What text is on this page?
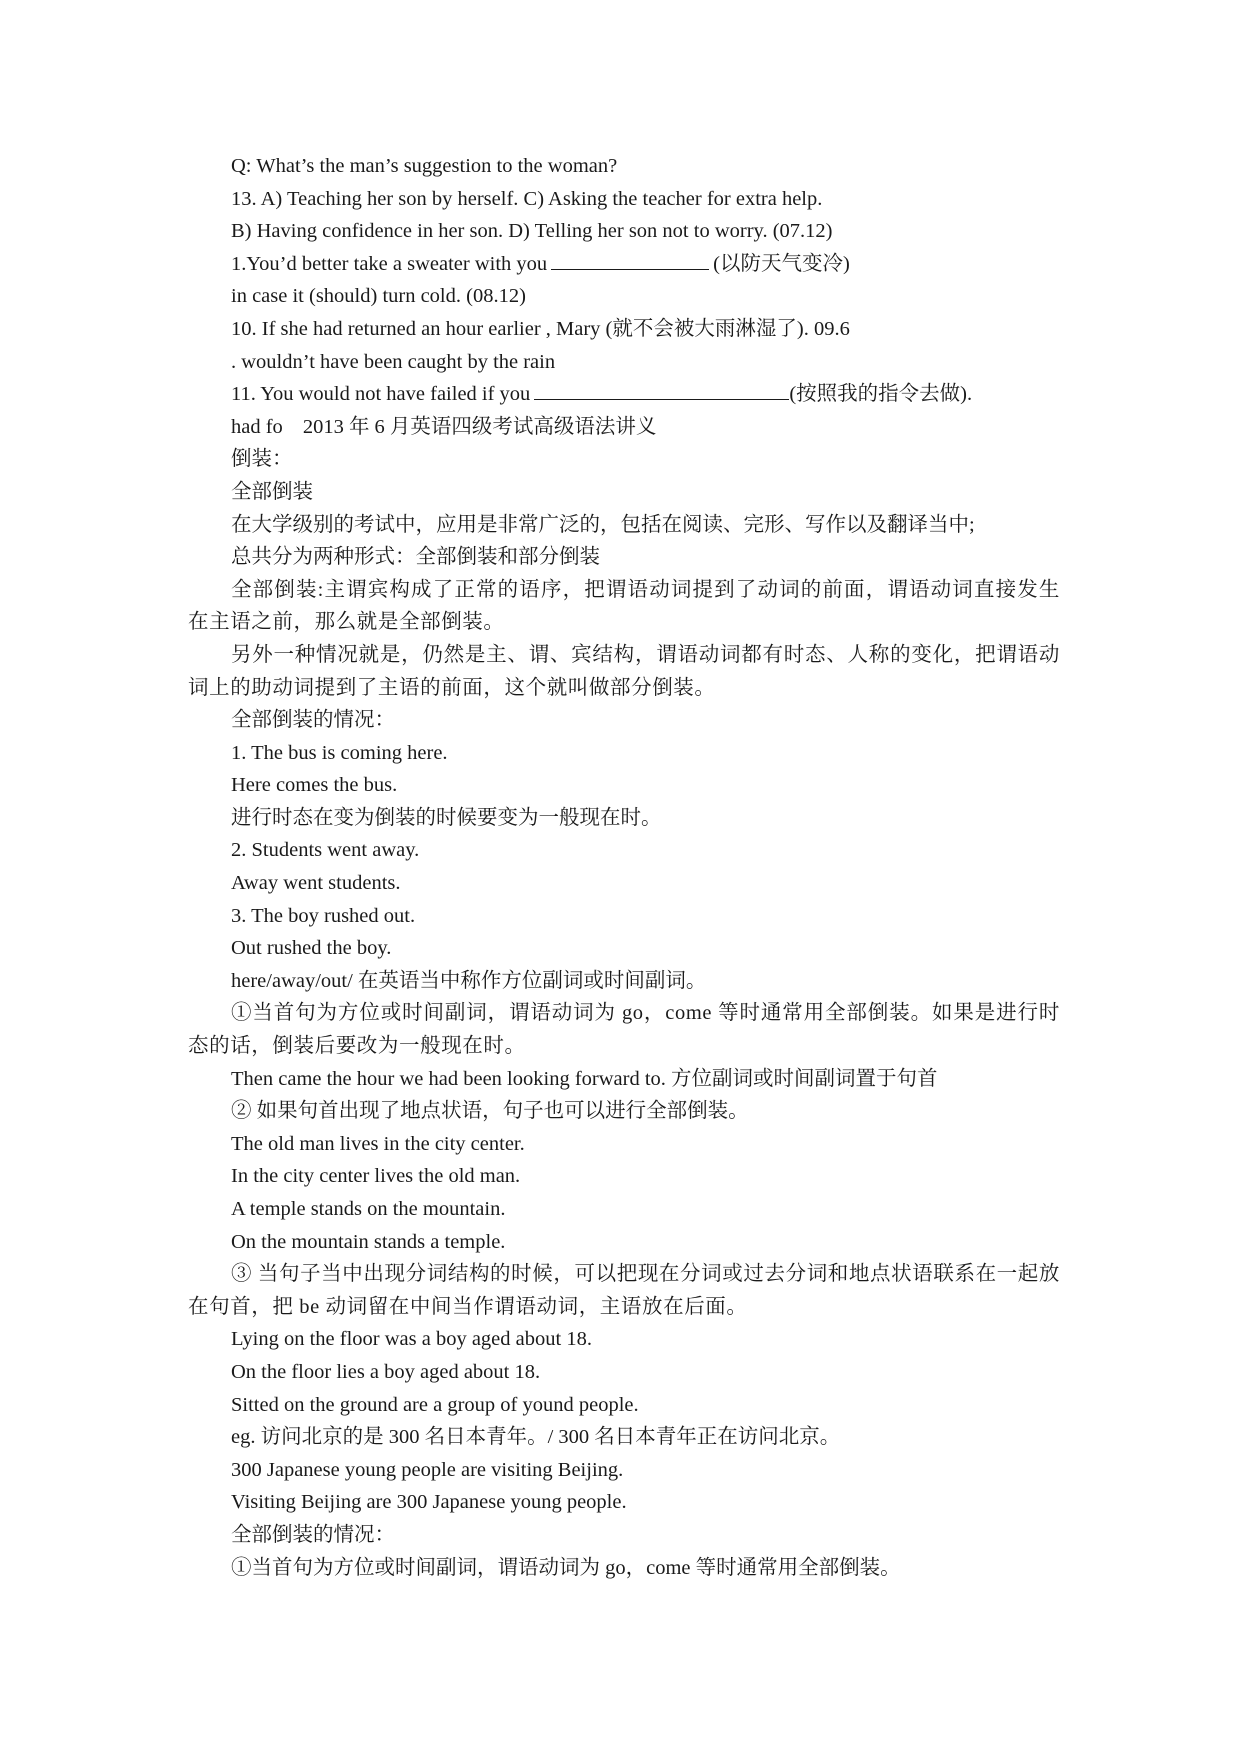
Q: What’s the man’s suggestion to the woman?
13. A) Teaching her son by herself. C) Asking the teacher for extra help.
B) Having confidence in her son. D) Telling her son not to worry. (07.12)
1.You’d better take a sweater with you	(以防天气变冷)
in case it (should) turn cold. (08.12)
10. If she had returned an hour earlier , Mary (就不会被大雨淋湿了). 09.6
. wouldn’t have been caught by the rain
11. You would not have failed if you	(按照我的指令去做).
had fo 2013 年 6 月英语四级考试高级语法讲义
倒装：
全部倒装
在大学级别的考试中，应用是非常广泛的，包括在阅读、完形、写作以及翻译当中;
总共分为两种形式：全部倒装和部分倒装
全部倒装:主谓宾构成了正常的语序，把谓语动词提到了动词的前面，谓语动词直接发生在主语之前，那么就是全部倒装。
另外一种情况就是，仍然是主、谓、宾结构，谓语动词都有时态、人称的变化，把谓语动词上的助动词提到了主语的前面，这个就叫做部分倒装。
全部倒装的情况：
1. The bus is coming here.
Here comes the bus.
进行时态在变为倒装的时候要变为一般现在时。
2. Students went away.
Away went students.
3. The boy rushed out.
Out rushed the boy.
here/away/out/ 在英语当中称作方位副词或时间副词。
①当首句为方位或时间副词，谓语动词为 go，come 等时通常用全部倒装。如果是进行时态的话，倒装后要改为一般现在时。
Then came the hour we had been looking forward to. 方位副词或时间副词置于句首
② 如果句首出现了地点状语，句子也可以进行全部倒装。
The old man lives in the city center.
In the city center lives the old man.
A temple stands on the mountain.
On the mountain stands a temple.
③ 当句子当中出现分词结构的时候，可以把现在分词或过去分词和地点状语联系在一起放在句首，把 be 动词留在中间当作谓语动词，主语放在后面。
Lying on the floor was a boy aged about 18.
On the floor lies a boy aged about 18.
Sitted on the ground are a group of yound people.
eg. 访问北京的是 300 名日本青年。/ 300 名日本青年正在访问北京。
300 Japanese young people are visiting Beijing.
Visiting Beijing are 300 Japanese young people.
全部倒装的情况：
①当首句为方位或时间副词，谓语动词为 go，come 等时通常用全部倒装。
